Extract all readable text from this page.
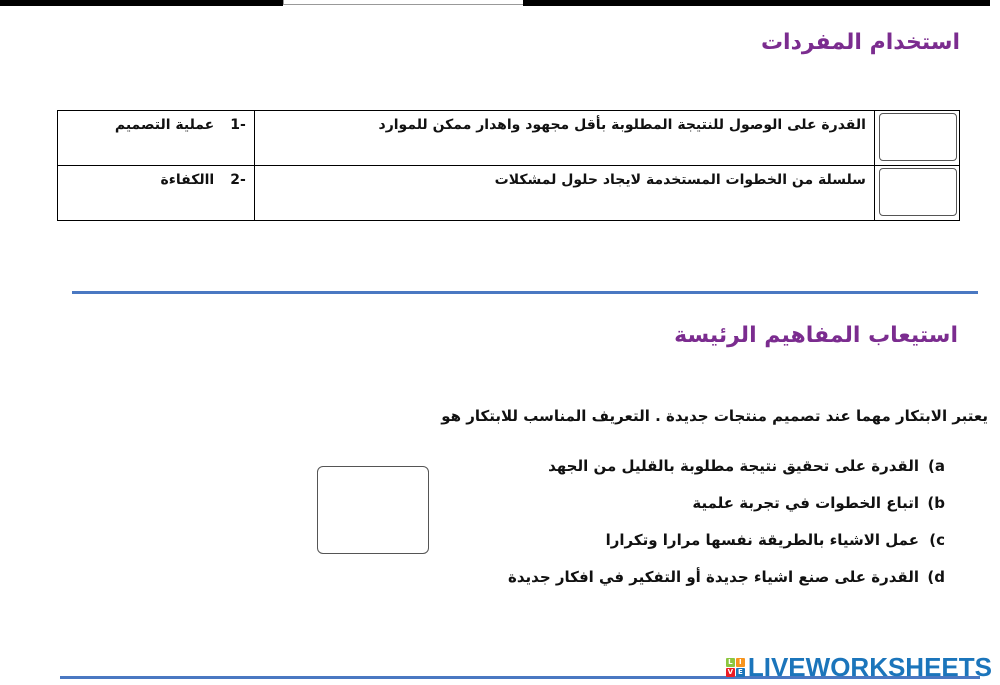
استخدام المفردات
	القدرة على الوصول للنتيجة المطلوبة بأقل مجهود واهدار ممكن للموارد	-1عملية التصميم

	سلسلة من الخطوات المستخدمة لايجاد حلول لمشكلات	-2االكفاءة
استيعاب المفاهيم الرئيسة
يعتبر الابتكار مهما عند تصميم منتجات جديدة . التعريف المناسب للابتكار هو
a)
القدرة على تحقيق نتيجة مطلوبة بالقليل من الجهد
b)
اتباع الخطوات في تجربة علمية
c)
عمل الاشياء بالطريقة نفسها مرارا وتكرارا
d)
القدرة على صنع اشياء جديدة أو التفكير في افكار جديدة
L I
V E LIVEWORKSHEETS
